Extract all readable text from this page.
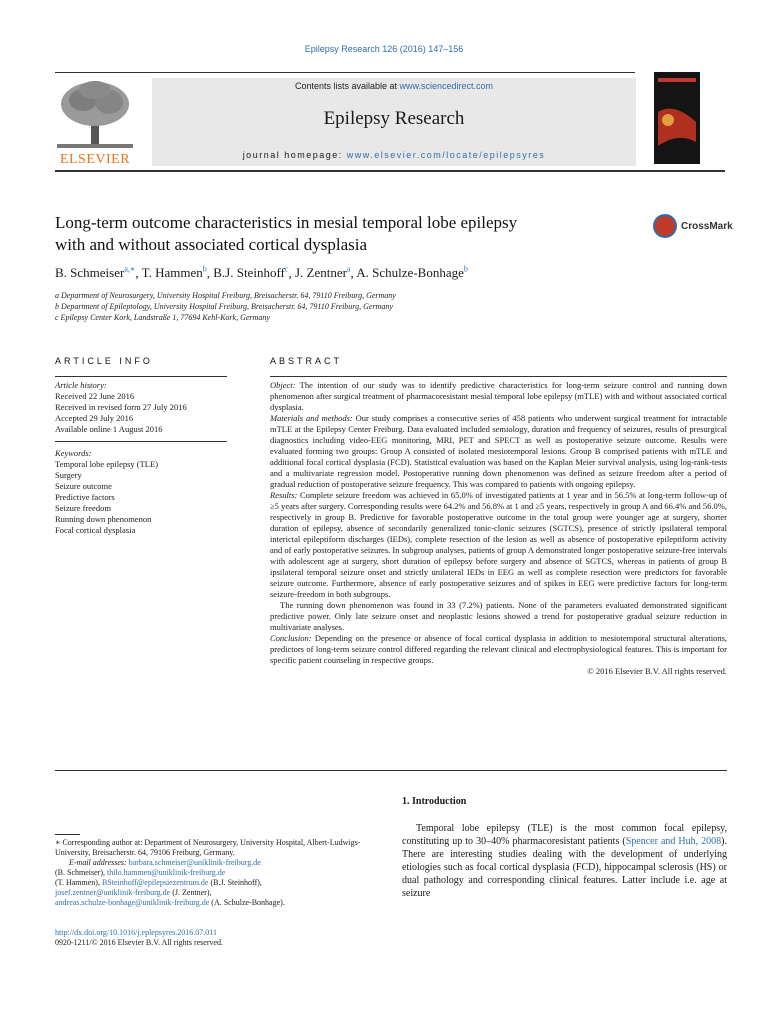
Epilepsy Research 126 (2016) 147–156
ELSEVIER
Contents lists available at www.sciencedirect.com
Epilepsy Research
journal homepage: www.elsevier.com/locate/epilepsyres
Long-term outcome characteristics in mesial temporal lobe epilepsy
with and without associated cortical dysplasia
CrossMark
B. Schmeiser$^{a,∗}$, T. Hammen$^b$, B.J. Steinhoff$^c$, J. Zentner$^a$, A. Schulze-Bonhage$^b$
a Department of Neurosurgery, University Hospital Freiburg, Breisacherstr. 64, 79110 Freiburg, Germany
b Department of Epileptology, University Hospital Freiburg, Breisacherstr. 64, 79110 Freiburg, Germany
c Epilepsy Center Kork, Landstraße 1, 77694 Kehl-Kork, Germany
ARTICLE INFO	ABSTRACT
Article history:
Received 22 June 2016
Received in revised form 27 July 2016
Accepted 29 July 2016
Available online 1 August 2016
Keywords:
Temporal lobe epilepsy (TLE)
Surgery
Seizure outcome
Predictive factors
Seizure freedom
Running down phenomenon
Focal cortical dysplasia

Object: The intention of our study was to identify predictive characteristics for long-term seizure control and running down phenomenon after surgical treatment of pharmacoresistant mesial temporal lobe epilepsy (mTLE) with and without associated cortical dysplasia.

Materials and methods: Our study comprises a consecutive series of 458 patients who underwent surgical treatment for intractable mTLE at the Epilepsy Center Freiburg. Data evaluated included semiology, duration and frequency of seizures, results of presurgical diagnostics including video-EEG monitoring, MRI, PET and SPECT as well as postoperative seizure outcome. Results were evaluated forming two groups: Group A consisted of isolated mesiotemporal lesions. Group B comprised patients with mTLE and additional focal cortical dysplasia (FCD). Statistical evaluation was based on the Kaplan Meier survival analysis, using log-rank-tests and a multivariate regression model. Postoperative running down phenomenon was defined as seizure freedom after a period of gradual reduction of postoperative seizure frequency. This was compared to patients with ongoing epilepsy.

Results: Complete seizure freedom was achieved in 65.0% of investigated patients at 1 year and in 56.5% at long-term follow-up of ≥5 years after surgery. Corresponding results were 64.2% and 56.8% at 1 and ≥5 years, respectively in group A and 66.4% and 56.0%, respectively in group B. Predictive for favorable postoperative outcome in the total group were younger age at surgery, shorter duration of epilepsy, absence of secondarily generalized tonic-clonic seizures (SGTCS), presence of strictly ipsilateral temporal interictal epileptiform discharges (IEDs), complete resection of the lesion as well as absence of postoperative epileptiform activity and of early postoperative seizures. In subgroup analyses, patients of group A demonstrated longer postoperative seizure-free intervals with adolescent age at surgery, short duration of epilepsy before surgery and absence of SGTCS, whereas in patients of group B ipsilateral temporal seizure onset and strictly unilateral IEDs in EEG as well as complete resection were predictors for favorable seizure outcome. Furthermore, absence of early postoperative seizures and of spikes in EEG were predictive factors for long-term seizure-freedom in both subgroups.

The running down phenomenon was found in 33 (7.2%) patients. None of the parameters evaluated demonstrated significant predictive power. Only late seizure onset and neoplastic lesions showed a trend for postoperative gradual seizure reduction in multivariate analyses.

Conclusion: Depending on the presence or absence of focal cortical dysplasia in addition to mesiotemporal structural alterations, predictors of long-term seizure control differed regarding the relevant clinical and electrophysiological features. This is important for specific patient counseling in respective groups.

© 2016 Elsevier B.V. All rights reserved.

1. Introduction
Temporal lobe epilepsy (TLE) is the most common focal epilepsy, constituting up to 30–40% pharmacoresistant patients (Spencer and Huh, 2008). There are interesting studies dealing with the development of underlying etiologies such as focal cortical dysplasia (FCD), hippocampal sclerosis (HS) or dual pathology and corresponding clinical features. Latter include i.e. age at seizure
∗ Corresponding author at: Department of Neurosurgery, University Hospital, Albert-Ludwigs-University, Breisacherstr. 64, 79106 Freiburg, Germany.
E-mail addresses: barbara.schmeiser@uniklinik-freiburg.de
(B. Schmeiser), thilo.hammen@uniklinik-freiburg.de
(T. Hammen), BSteinhoff@epilepsiezentrum.de (B.J. Steinhoff),
josef.zentner@uniklinik-freiburg.de (J. Zentner),
andreas.schulze-bonhage@uniklinik-freiburg.de (A. Schulze-Bonhage).
http://dx.doi.org/10.1016/j.eplepsyres.2016.07.011
0920-1211/© 2016 Elsevier B.V. All rights reserved.
